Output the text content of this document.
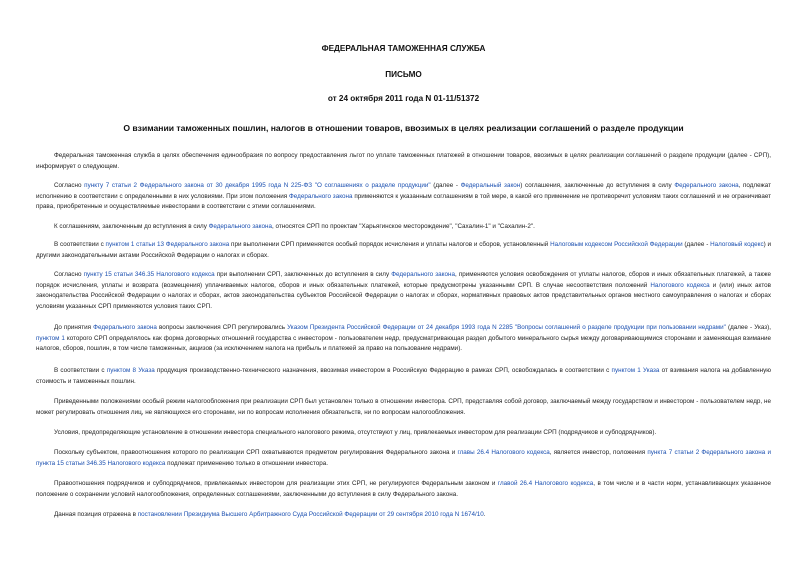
ФЕДЕРАЛЬНАЯ ТАМОЖЕННАЯ СЛУЖБА
ПИСЬМО
от 24 октября 2011 года N 01-11/51372
О взимании таможенных пошлин, налогов в отношении товаров, ввозимых в целях реализации соглашений о разделе продукции

Федеральная таможенная служба в целях обеспечения единообразия по вопросу предоставления льгот по уплате таможенных платежей в отношении товаров, ввозимых в целях реализации соглашений о разделе продукции (далее - СРП), информирует о следующем.

Согласно пункту 7 статьи 2 Федерального закона от 30 декабря 1995 года N 225-ФЗ "О соглашениях о разделе продукции" (далее - Федеральный закон) соглашения, заключенные до вступления в силу Федерального закона, подлежат исполнению в соответствии с определенными в них условиями. При этом положения Федерального закона применяются к указанным соглашениям в той мере, в какой его применение не противоречит условиям таких соглашений и не ограничивает права, приобретенные и осуществляемые инвесторами в соответствии с этими соглашениями.

К соглашениям, заключенным до вступления в силу Федерального закона, относятся СРП по проектам "Харьягинское месторождение", "Сахалин-1" и "Сахалин-2".

В соответствии с пунктом 1 статьи 13 Федерального закона при выполнении СРП применяется особый порядок исчисления и уплаты налогов и сборов, установленный Налоговым кодексом Российской Федерации (далее - Налоговый кодекс) и другими законодательными актами Российской Федерации о налогах и сборах.

Согласно пункту 15 статьи 346.35 Налогового кодекса при выполнении СРП, заключенных до вступления в силу Федерального закона, применяются условия освобождения от уплаты налогов, сборов и иных обязательных платежей, а также порядок исчисления, уплаты и возврата (возмещения) уплачиваемых налогов, сборов и иных обязательных платежей, которые предусмотрены указанными СРП. В случае несоответствия положений Налогового кодекса и (или) иных актов законодательства Российской Федерации о налогах и сборах, актов законодательства субъектов Российской Федерации о налогах и сборах, нормативных правовых актов представительных органов местного самоуправления о налогах и сборах условиям указанных СРП применяются условия таких СРП.

До принятия Федерального закона вопросы заключения СРП регулировались Указом Президента Российской Федерации от 24 декабря 1993 года N 2285 "Вопросы соглашений о разделе продукции при пользовании недрами" (далее - Указ), пунктом 1 которого СРП определялось как форма договорных отношений государства с инвестором - пользователем недр, предусматривающая раздел добытого минерального сырья между договаривающимися сторонами и заменяющая взимание налогов, сборов, пошлин, в том числе таможенных, акцизов (за исключением налога на прибыль и платежей за право на пользование недрами).

В соответствии с пунктом 8 Указа продукция производственно-технического назначения, ввозимая инвестором в Российскую Федерацию в рамках СРП, освобождалась в соответствии с пунктом 1 Указа от взимания налога на добавленную стоимость и таможенных пошлин.

Приведенными положениями особый режим налогообложения при реализации СРП был установлен только в отношении инвестора. СРП, представляя собой договор, заключаемый между государством и инвестором - пользователем недр, не может регулировать отношения лиц, не являющихся его сторонами, ни по вопросам исполнения обязательств, ни по вопросам налогообложения.

Условия, предопределяющие установление в отношении инвестора специального налогового режима, отсутствуют у лиц, привлекаемых инвестором для реализации СРП (подрядчиков и субподрядчиков).

Поскольку субъектом, правоотношения которого по реализации СРП охватываются предметом регулирования Федерального закона и главы 26.4 Налогового кодекса, является инвестор, положения пункта 7 статьи 2 Федерального закона и пункта 15 статьи 346.35 Налогового кодекса подлежат применению только в отношении инвестора.

Правоотношения подрядчиков и субподрядчиков, привлекаемых инвестором для реализации этих СРП, не регулируются Федеральным законом и главой 26.4 Налогового кодекса, в том числе и в части норм, устанавливающих указанное положение о сохранении условий налогообложения, определенных соглашениями, заключенными до вступления в силу Федерального закона.

Данная позиция отражена в постановлении Президиума Высшего Арбитражного Суда Российской Федерации от 29 сентября 2010 года N 1674/10.
